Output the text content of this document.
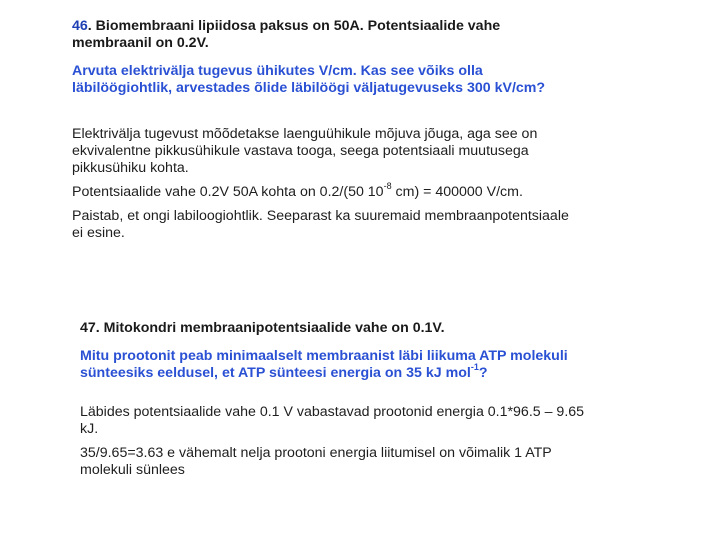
46. Biomembraani lipiidosa paksus on 50A. Potentsiaalide vahe

membraanil on 0.2V.

Arvuta elektrivälja tugevus ühikutes V/cm. Kas see võiks olla

läbilöögiohtlik, arvestades õlide läbilöögi väljatugevuseks 300 kV/cm?

Elektrivälja tugevust mõõdetakse laenguühikule mõjuva jõuga, aga see on

ekvivalentne pikkusühikule vastava tooga, seega potentsiaali muutusega

pikkusühiku kohta.

Potentsiaalide vahe 0.2V 50A kohta on 0.2/(50 $10^{-8}$ cm) = 400000 V/cm.

Paistab, et ongi labiloogiohtlik. Seeparast ka suuremaid membraanpotentsiaale

ei esine.

47. Mitokondri membraanipotentsiaalide vahe on 0.1V.

Mitu prootonit peab minimaalselt membraanist läbi liikuma ATP molekuli

sünteesiks eeldusel, et ATP sünteesi energia on 35 kJ mol$^{-1}$?

Läbides potentsiaalide vahe 0.1 V vabastavad prootonid energia 0.1*96.5 – 9.65

kJ.

35/9.65=3.63 e vähemalt nelja prootoni energia liitumisel on võimalik 1 ATP

molekuli sünlees
